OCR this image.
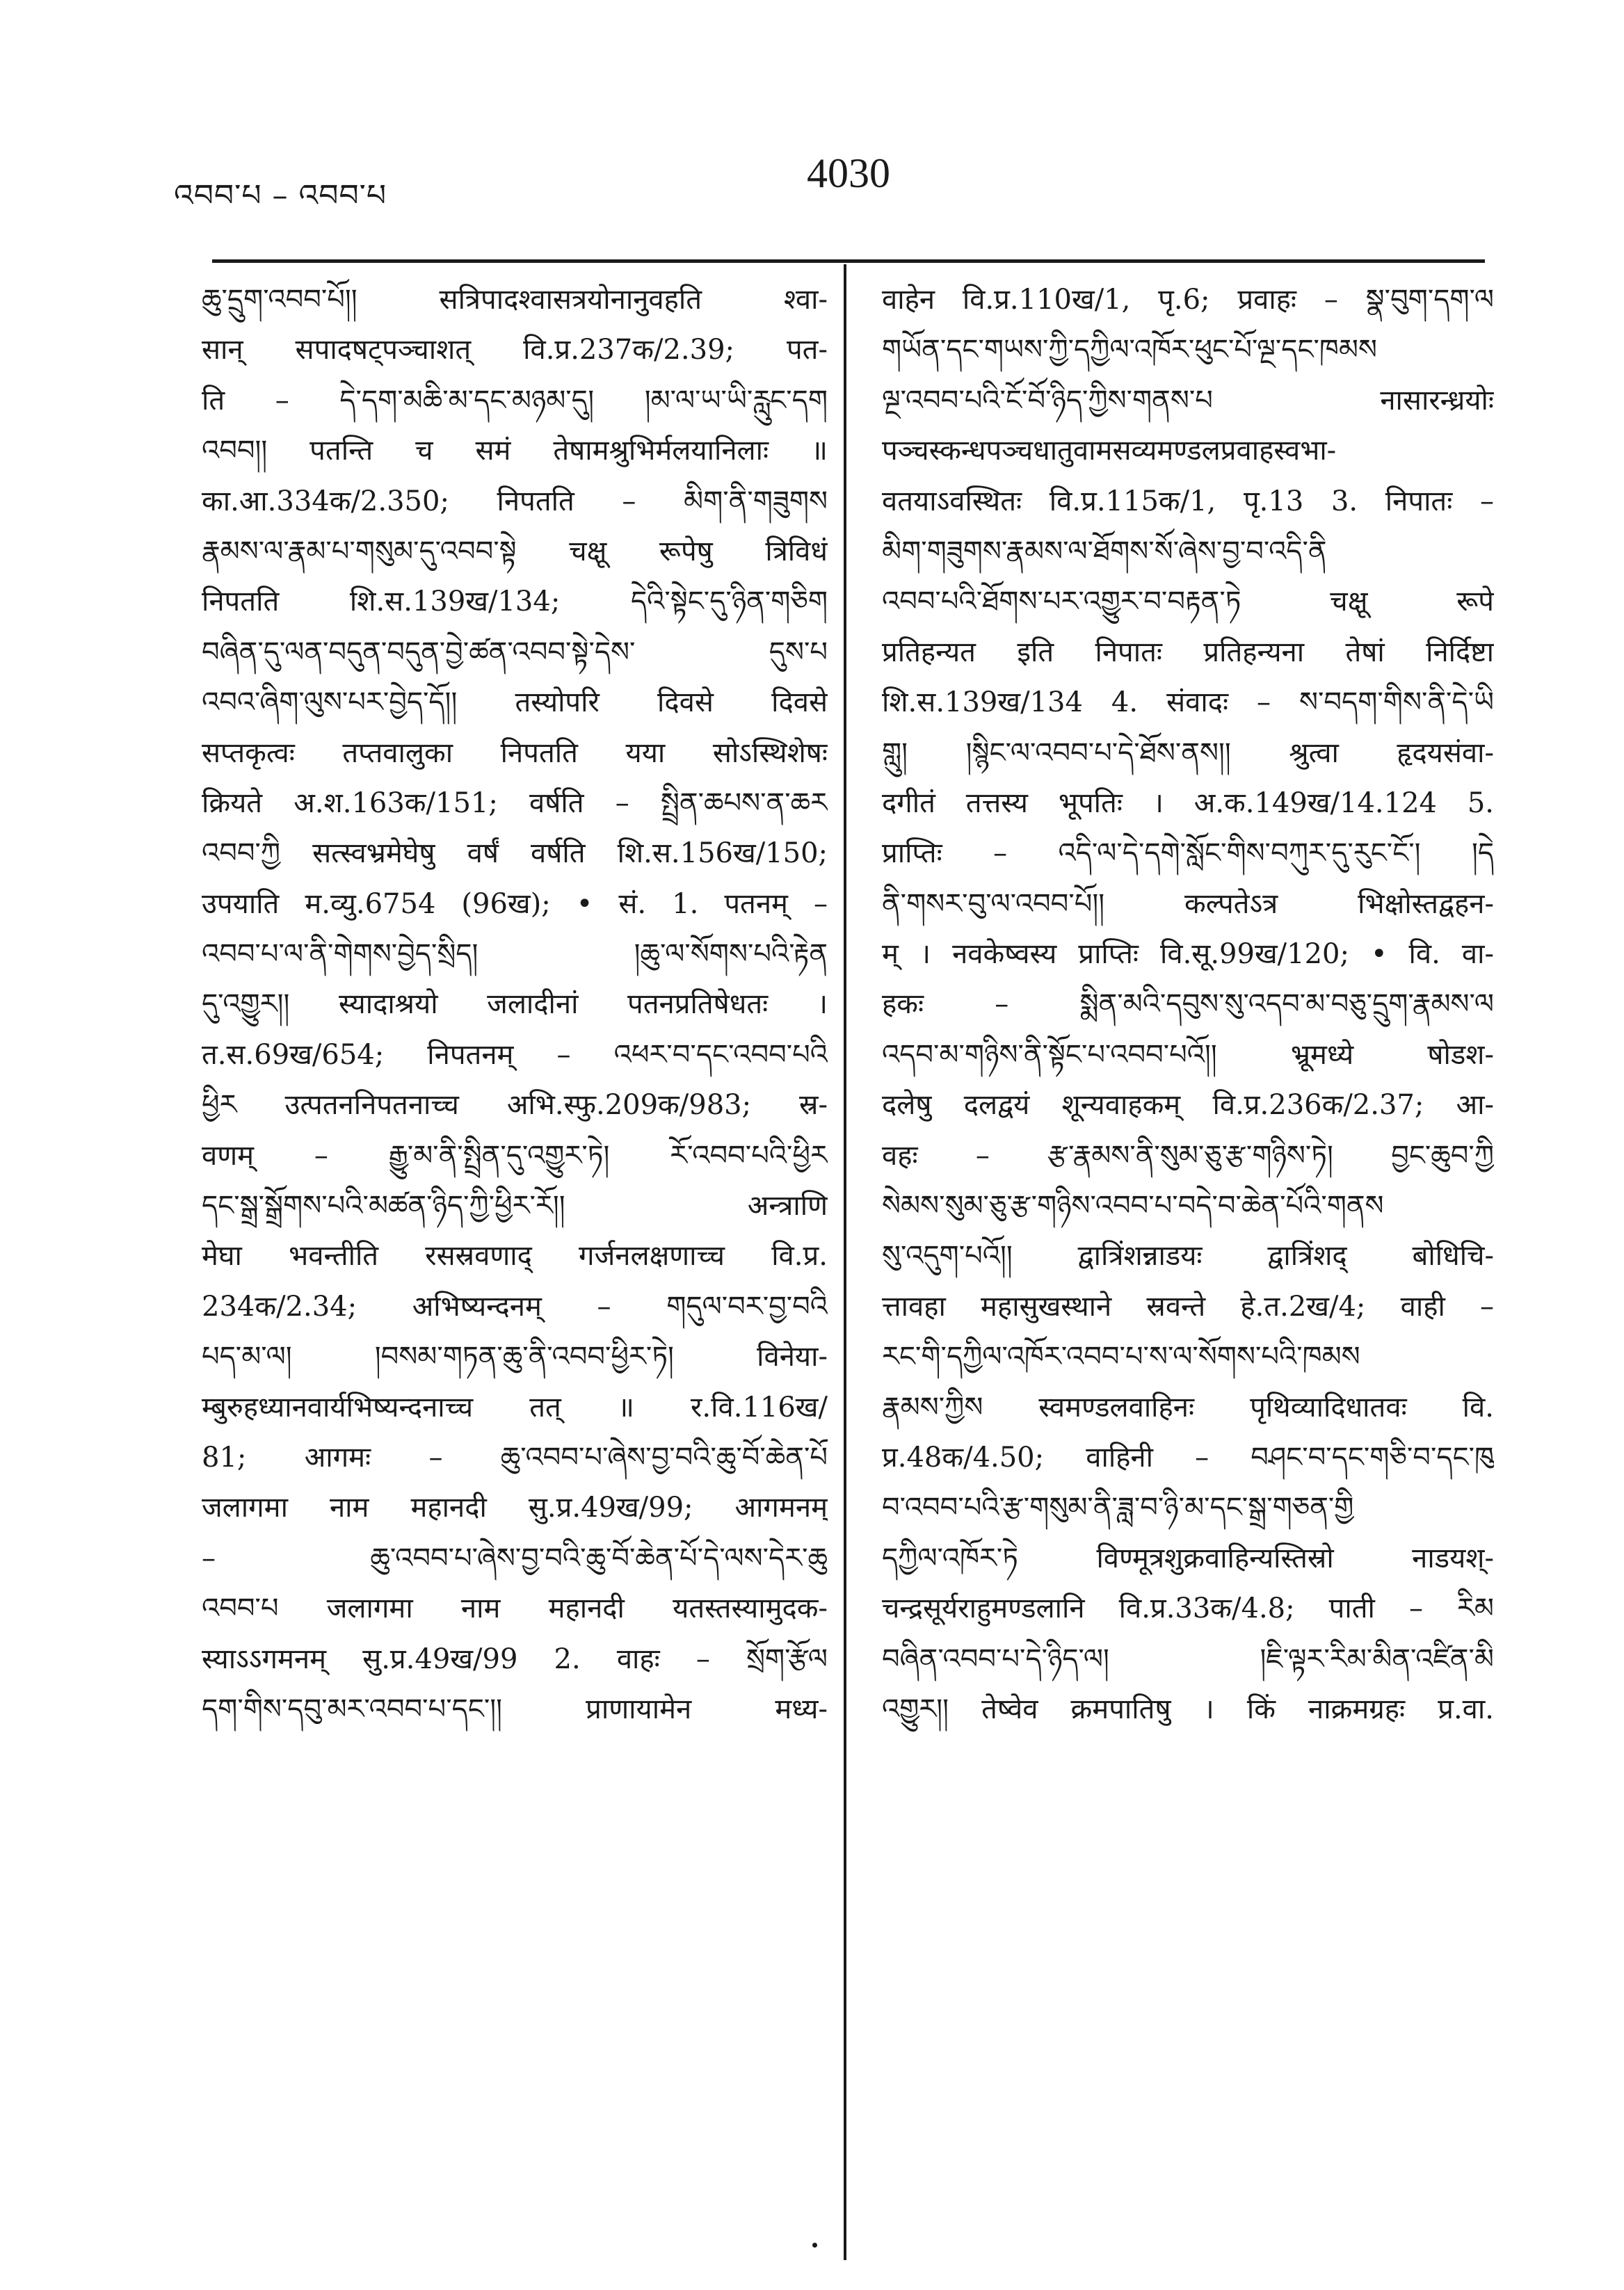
འབབ་པ – འབབ་པ	4030
ཆུ་དྲུག་འབབ་པོ།། सत्रिपादश्वासत्रयोनानुवहति श्वा-
सान् सपादषट्पञ्चाशत् वि.प्र.237क/2.39; पत-
ति – དེ་དག་མཆི་མ་དང་མཉམ་དུ། །མ་ལ་ཡ་ཡི་རླུང་དག
འབབ།། पतन्ति च समं तेषामश्रुभिर्मलयानिलाः ॥
का.आ.334क/2.350; निपतति – མིག་ནི་གཟུགས
རྣམས་ལ་རྣམ་པ་གསུམ་དུ་འབབ་སྟེ चक्षू रूपेषु त्रिविधं
निपतति शि.स.139ख/134; དེའི་སྟེང་དུ་ཉིན་གཅིག
བཞིན་དུ་ལན་བདུན་བདུན་བྱེ་ཚན་འབབ་སྟེ་དེས་ དུས་པ
འབའ་ཞིག་ལུས་པར་བྱེད་དོ།། तस्योपरि दिवसे दिवसे
सप्तकृत्वः तप्तवालुका निपतति यया सोऽस्थिशेषः
क्रियते अ.श.163क/151; वर्षति – སྤྲིན་ཆཔས་ན་ཆར
འབབ་ཀྱི सत्स्वभ्रमेघेषु वर्षं वर्षति शि.स.156ख/150;
उपयाति म.व्यु.6754 (96ख); • सं. 1. पतनम् –
འབབ་པ་ལ་ནི་གེགས་བྱེད་སྲིད། །ཆུ་ལ་སོགས་པའི་རྟེན
དུ་འགྱུར།། स्यादाश्रयो जलादीनां पतनप्रतिषेधतः ।
त.स.69ख/654; निपतनम् – འཕར་བ་དང་འབབ་པའི
ཕྱིར उत्पतननिपतनाच्च अभि.स्फु.209क/983; स्र-
वणम् – རྒྱུ་མ་ནི་སྤྲིན་དུ་འགྱུར་ཏེ། རོ་འབབ་པའི་ཕྱིར
དང་སྒྲ་སྒྲོགས་པའི་མཚན་ཉིད་ཀྱི་ཕྱིར་རོ།། अन्त्राणि
मेघा भवन्तीति रसस्रवणाद् गर्जनलक्षणाच्च वि.प्र.
234क/2.34; अभिष्यन्दनम् – གདུལ་བར་བྱ་བའི
པད་མ་ལ། །བསམ་གཏན་ཆུ་ནི་འབབ་ཕྱིར་ཏེ། विनेया-
म्बुरुहध्यानवार्यभिष्यन्दनाच्च तत् ॥ र.वि.116ख/
81; आगमः – ཆུ་འབབ་པ་ཞེས་བྱ་བའི་ཆུ་བོ་ཆེན་པོ
जलागमा नाम महानदी सु.प्र.49ख/99; आगमनम्
– ཆུ་འབབ་པ་ཞེས་བྱ་བའི་ཆུ་བོ་ཆེན་པོ་དེ་ལས་དེར་ཆུ
འབབ་པ जलागमा नाम महानदी यतस्तस्यामुदक-
स्याऽऽगमनम् सु.प्र.49ख/99 2. वाहः – སྲོག་རྩོལ
དག་གིས་དབུ་མར་འབབ་པ་དང་།། प्राणायामेन मध्य-
वाहेन वि.प्र.110ख/1, पृ.6; प्रवाहः – སྣ་བུག་དག་ལ
གཡོན་དང་གཡས་ཀྱི་དཀྱིལ་འཁོར་ཕུང་པོ་ལྔ་དང་ཁམས
ལྔ་འབབ་པའི་ངོ་བོ་ཉིད་ཀྱིས་གནས་པ नासारन्ध्रयोः
पञ्चस्कन्धपञ्चधातुवामसव्यमण्डलप्रवाहस्वभा-
वतयाऽवस्थितः वि.प्र.115क/1, पृ.13 3. निपातः –
མིག་གཟུགས་རྣམས་ལ་ཐོགས་སོ་ཞེས་བྱ་བ་འདི་ནི
འབབ་པའི་ཐོགས་པར་འགྱུར་བ་བརྟན་ཏེ चक्षू रूपे
प्रतिहन्यत इति निपातः प्रतिहन्यना तेषां निर्दिष्टा
शि.स.139ख/134 4. संवादः – ས་བདག་གིས་ནི་དེ་ཡི
གླུ། །སྙིང་ལ་འབབ་པ་དེ་ཐོས་ནས།། श्रुत्वा हृदयसंवा-
दगीतं तत्तस्य भूपतिः । अ.क.149ख/14.124 5.
प्राप्तिः – འདི་ལ་དེ་དགེ་སློང་གིས་བཀུར་དུ་རུང་ངོ་། །དེ
ནི་གསར་བུ་ལ་འབབ་པོ།། कल्पतेऽत्र भिक्षोस्तद्वहन-
म् । नवकेष्वस्य प्राप्तिः वि.सू.99ख/120; • वि. वा-
हकः – སྨིན་མའི་དབུས་སུ་འདབ་མ་བཅུ་དྲུག་རྣམས་ལ
འདབ་མ་གཉིས་ནི་སྟོང་པ་འབབ་པའོ།། भ्रूमध्ये षोडश-
दलेषु दलद्वयं शून्यवाहकम् वि.प्र.236क/2.37; आ-
वहः – རྩ་རྣམས་ནི་སུམ་ཅུ་རྩ་གཉིས་ཏེ། བྱང་ཆུབ་ཀྱི
སེམས་སུམ་ཅུ་རྩ་གཉིས་འབབ་པ་བདེ་བ་ཆེན་པོའི་གནས
སུ་འདུག་པའོ།། द्वात्रिंशन्नाडयः द्वात्रिंशद् बोधिचि-
त्तावहा महासुखस्थाने स्रवन्ते हे.त.2ख/4; वाही –
རང་གི་དཀྱིལ་འཁོར་འབབ་པ་ས་ལ་སོགས་པའི་ཁམས
རྣམས་ཀྱིས स्वमण्डलवाहिनः पृथिव्यादिधातवः वि.
प्र.48क/4.50; वाहिनी – བཤང་བ་དང་གཅི་བ་དང་ཁུ
བ་འབབ་པའི་རྩ་གསུམ་ནི་ཟླ་བ་ཉི་མ་དང་སྒྲ་གཅན་གྱི
དཀྱིལ་འཁོར་ཏེ विण्मूत्रशुक्रवाहिन्यस्तिस्रो नाडयश्-
चन्द्रसूर्यराहुमण्डलानि वि.प्र.33क/4.8; पाती – རིམ
བཞིན་འབབ་པ་དེ་ཉིད་ལ། །ཇི་ལྟར་རིམ་མིན་འཛིན་མི
འགྱུར།། तेष्वेव क्रमपातिषु । किं नाक्रमग्रहः प्र.वा.
